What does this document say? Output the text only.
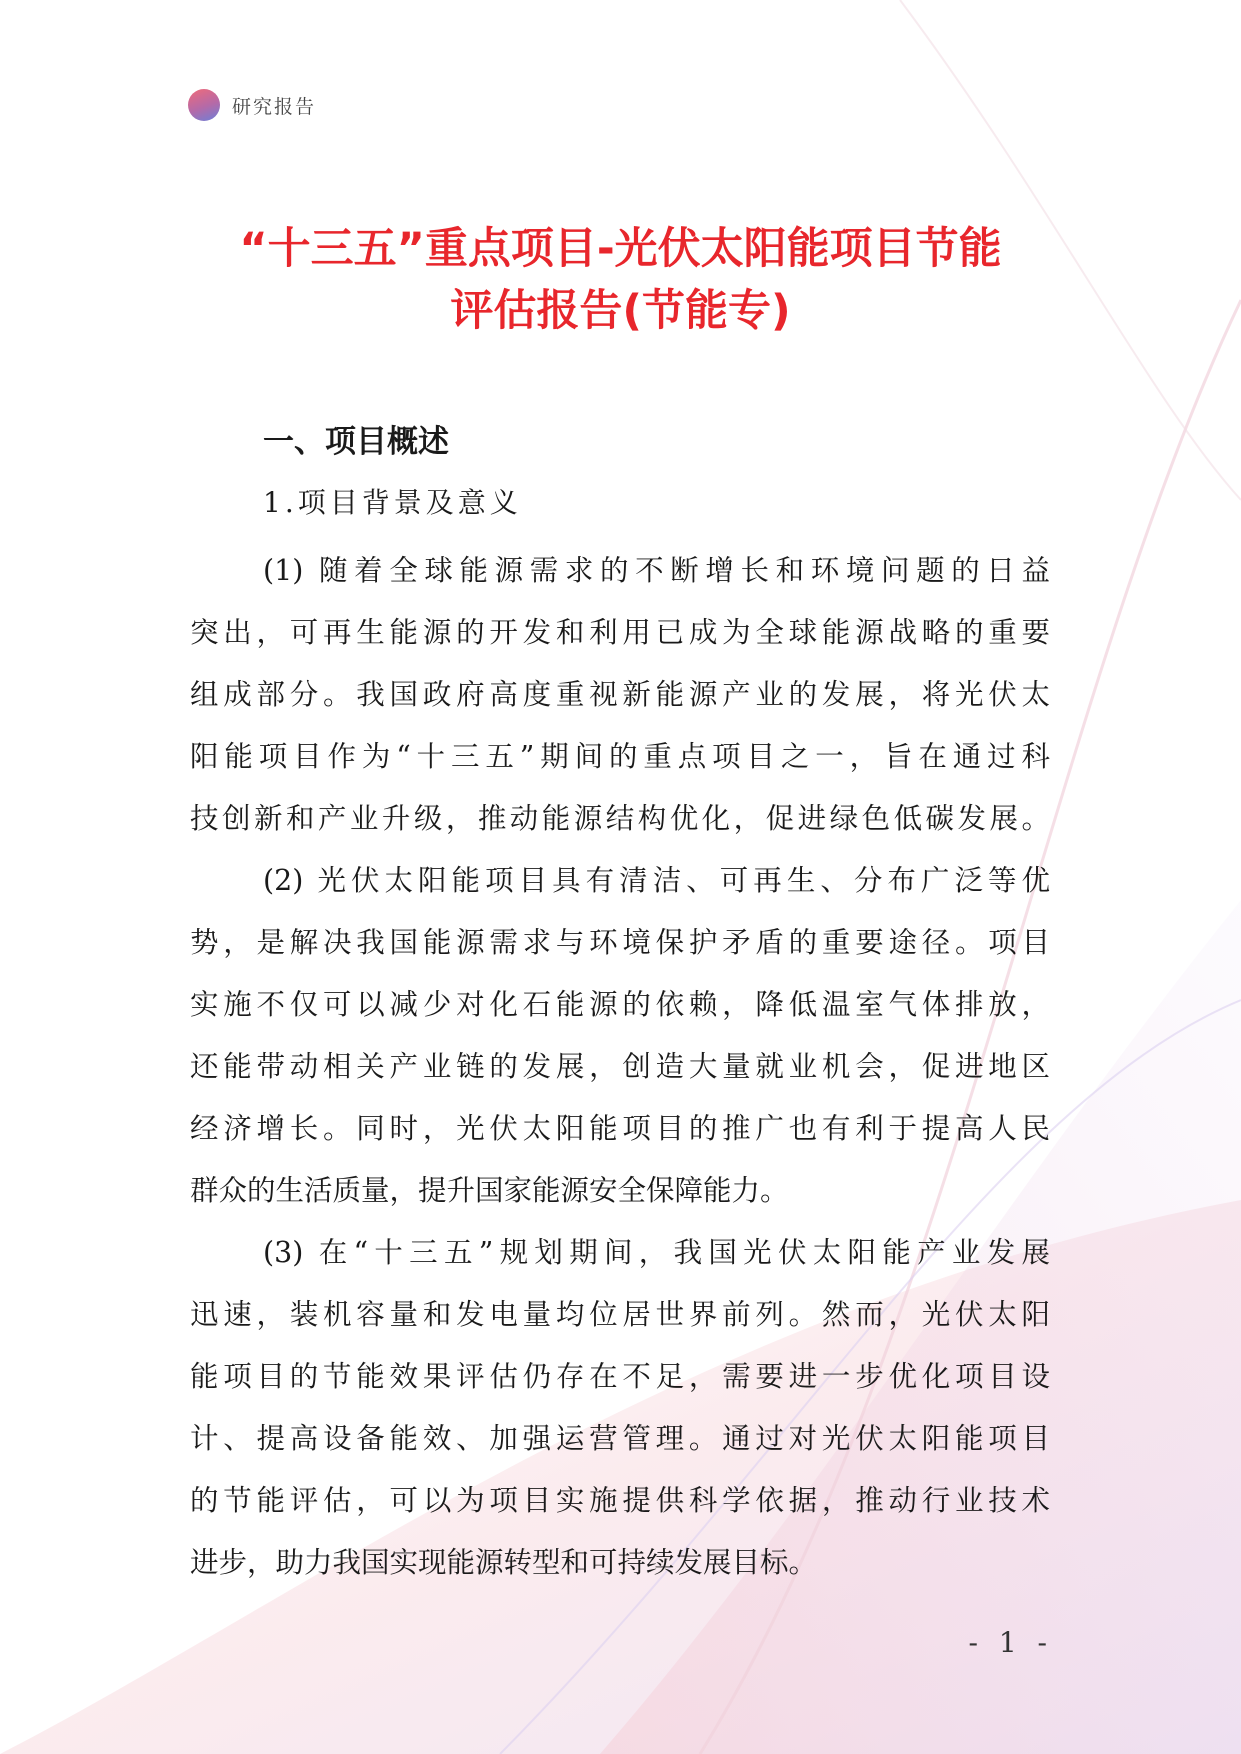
研究报告
“十三五”重点项目-光伏太阳能项目节能
评估报告(节能专)
一、项目概述
1.项目背景及意义
(1) 随着全球能源需求的不断增长和环境问题的日益
突出，可再生能源的开发和利用已成为全球能源战略的重要
组成部分。我国政府高度重视新能源产业的发展，将光伏太
阳能项目作为“十三五”期间的重点项目之一，旨在通过科
技创新和产业升级，推动能源结构优化，促进绿色低碳发展。
(2) 光伏太阳能项目具有清洁、可再生、分布广泛等优
势，是解决我国能源需求与环境保护矛盾的重要途径。项目
实施不仅可以减少对化石能源的依赖，降低温室气体排放，
还能带动相关产业链的发展，创造大量就业机会，促进地区
经济增长。同时，光伏太阳能项目的推广也有利于提高人民
群众的生活质量，提升国家能源安全保障能力。
(3) 在“十三五”规划期间，我国光伏太阳能产业发展
迅速，装机容量和发电量均位居世界前列。然而，光伏太阳
能项目的节能效果评估仍存在不足，需要进一步优化项目设
计、提高设备能效、加强运营管理。通过对光伏太阳能项目
的节能评估，可以为项目实施提供科学依据，推动行业技术
进步，助力我国实现能源转型和可持续发展目标。
- 1 -
